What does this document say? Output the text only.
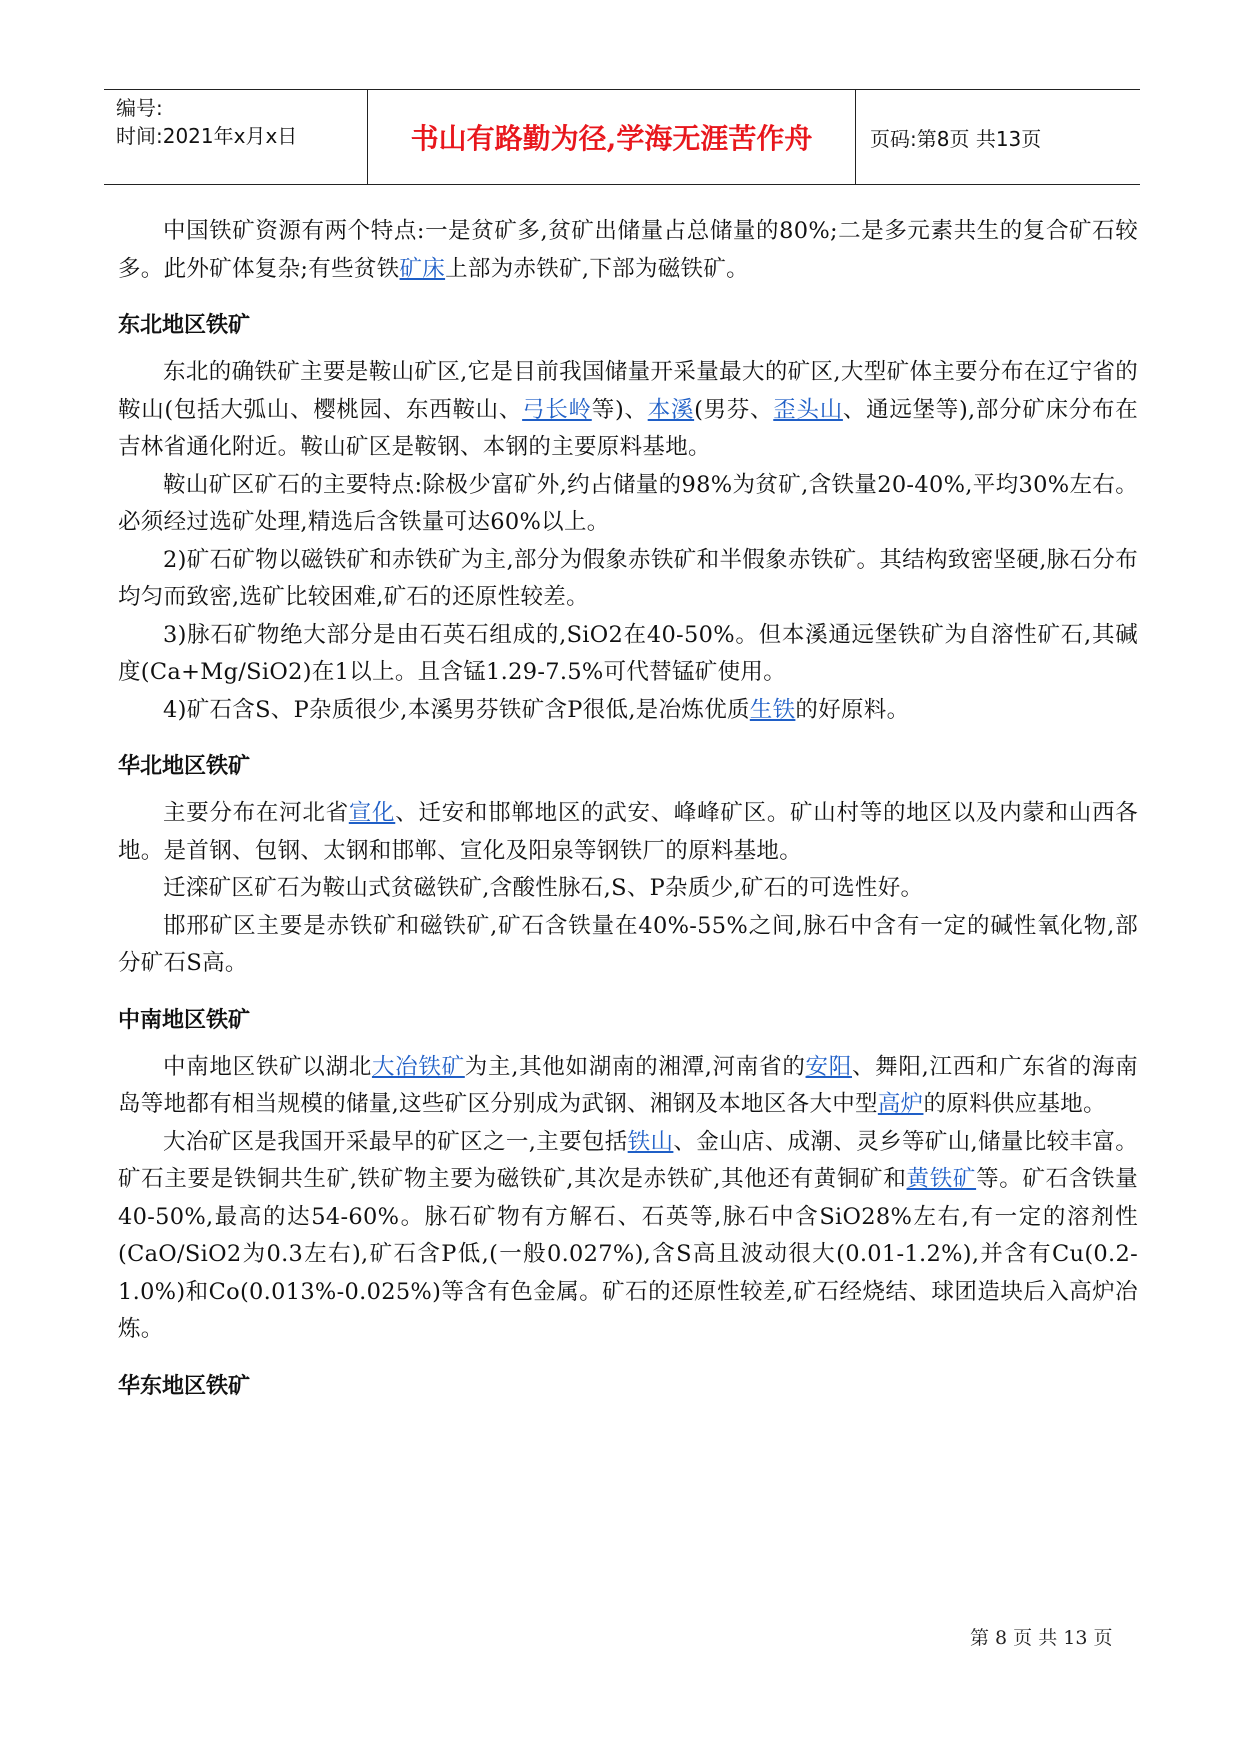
编号:
时间:2021年x月x日	书山有路勤为径,学海无涯苦作舟	页码:第8页 共13页

中国铁矿资源有两个特点:一是贫矿多,贫矿出储量占总储量的80%;二是多元素共生的复合矿石较多。此外矿体复杂;有些贫铁矿床上部为赤铁矿,下部为磁铁矿。

东北地区铁矿

东北的确铁矿主要是鞍山矿区,它是目前我国储量开采量最大的矿区,大型矿体主要分布在辽宁省的鞍山(包括大弧山、樱桃园、东西鞍山、弓长岭等)、本溪(男芬、歪头山、通远堡等),部分矿床分布在吉林省通化附近。鞍山矿区是鞍钢、本钢的主要原料基地。

鞍山矿区矿石的主要特点:除极少富矿外,约占储量的98%为贫矿,含铁量20-40%,平均30%左右。必须经过选矿处理,精选后含铁量可达60%以上。

2)矿石矿物以磁铁矿和赤铁矿为主,部分为假象赤铁矿和半假象赤铁矿。其结构致密坚硬,脉石分布均匀而致密,选矿比较困难,矿石的还原性较差。

3)脉石矿物绝大部分是由石英石组成的,SiO2在40-50%。但本溪通远堡铁矿为自溶性矿石,其碱度(Ca+Mg/SiO2)在1以上。且含锰1.29-7.5%可代替锰矿使用。

4)矿石含S、P杂质很少,本溪男芬铁矿含P很低,是冶炼优质生铁的好原料。

华北地区铁矿

主要分布在河北省宣化、迁安和邯郸地区的武安、峰峰矿区。矿山村等的地区以及内蒙和山西各地。是首钢、包钢、太钢和邯郸、宣化及阳泉等钢铁厂的原料基地。

迁滦矿区矿石为鞍山式贫磁铁矿,含酸性脉石,S、P杂质少,矿石的可选性好。

邯邢矿区主要是赤铁矿和磁铁矿,矿石含铁量在40%-55%之间,脉石中含有一定的碱性氧化物,部分矿石S高。

中南地区铁矿

中南地区铁矿以湖北大冶铁矿为主,其他如湖南的湘潭,河南省的安阳、舞阳,江西和广东省的海南岛等地都有相当规模的储量,这些矿区分别成为武钢、湘钢及本地区各大中型高炉的原料供应基地。

大冶矿区是我国开采最早的矿区之一,主要包括铁山、金山店、成潮、灵乡等矿山,储量比较丰富。矿石主要是铁铜共生矿,铁矿物主要为磁铁矿,其次是赤铁矿,其他还有黄铜矿和黄铁矿等。矿石含铁量40-50%,最高的达54-60%。脉石矿物有方解石、石英等,脉石中含SiO28%左右,有一定的溶剂性(CaO/SiO2为0.3左右),矿石含P低,(一般0.027%),含S高且波动很大(0.01-1.2%),并含有Cu(0.2-1.0%)和Co(0.013%-0.025%)等含有色金属。矿石的还原性较差,矿石经烧结、球团造块后入高炉冶炼。

华东地区铁矿
第 8 页 共 13 页
